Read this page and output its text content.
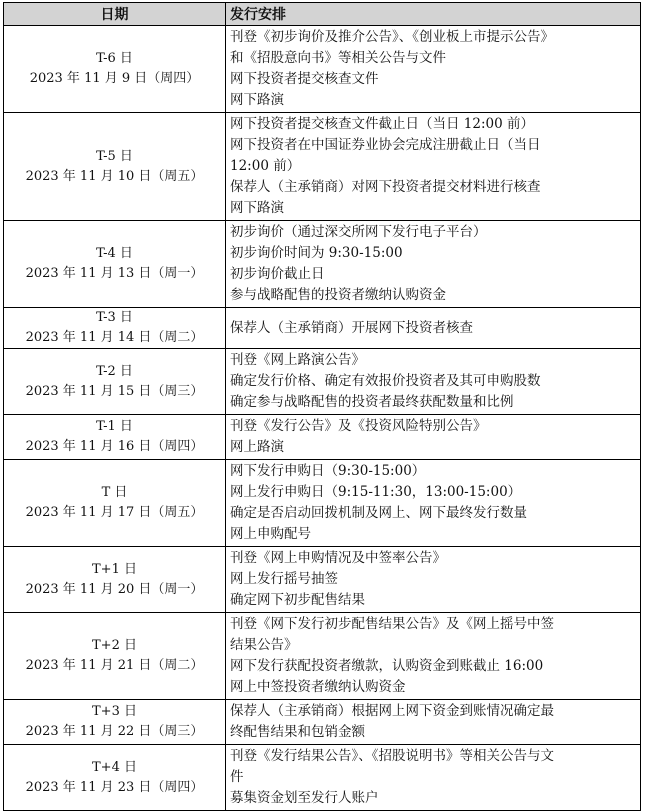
日期	发行安排

T-6 日
2023 年 11 月 9 日（周四）	刊登《初步询价及推介公告》、《创业板上市提示公告》
和《招股意向书》等相关公告与文件
网下投资者提交核查文件
网下路演

T-5 日
2023 年 11 月 10 日（周五）	网下投资者提交核查文件截止日（当日 12:00 前）
网下投资者在中国证券业协会完成注册截止日（当日
12:00 前）
保荐人（主承销商）对网下投资者提交材料进行核查
网下路演

T-4 日
2023 年 11 月 13 日（周一）	初步询价（通过深交所网下发行电子平台）
初步询价时间为 9:30-15:00
初步询价截止日
参与战略配售的投资者缴纳认购资金

T-3 日
2023 年 11 月 14 日（周二）	保荐人（主承销商）开展网下投资者核查

T-2 日
2023 年 11 月 15 日（周三）	刊登《网上路演公告》
确定发行价格、确定有效报价投资者及其可申购股数
确定参与战略配售的投资者最终获配数量和比例

T-1 日
2023 年 11 月 16 日（周四）	刊登《发行公告》及《投资风险特别公告》
网上路演

T 日
2023 年 11 月 17 日（周五）	网下发行申购日（9:30-15:00）
网上发行申购日（9:15-11:30，13:00-15:00）
确定是否启动回拨机制及网上、网下最终发行数量
网上申购配号

T+1 日
2023 年 11 月 20 日（周一）	刊登《网上申购情况及中签率公告》
网上发行摇号抽签
确定网下初步配售结果

T+2 日
2023 年 11 月 21 日（周二）	刊登《网下发行初步配售结果公告》及《网上摇号中签
结果公告》
网下发行获配投资者缴款，认购资金到账截止 16:00
网上中签投资者缴纳认购资金

T+3 日
2023 年 11 月 22 日（周三）	保荐人（主承销商）根据网上网下资金到账情况确定最
终配售结果和包销金额

T+4 日
2023 年 11 月 23 日（周四）	刊登《发行结果公告》、《招股说明书》等相关公告与文
件
募集资金划至发行人账户
